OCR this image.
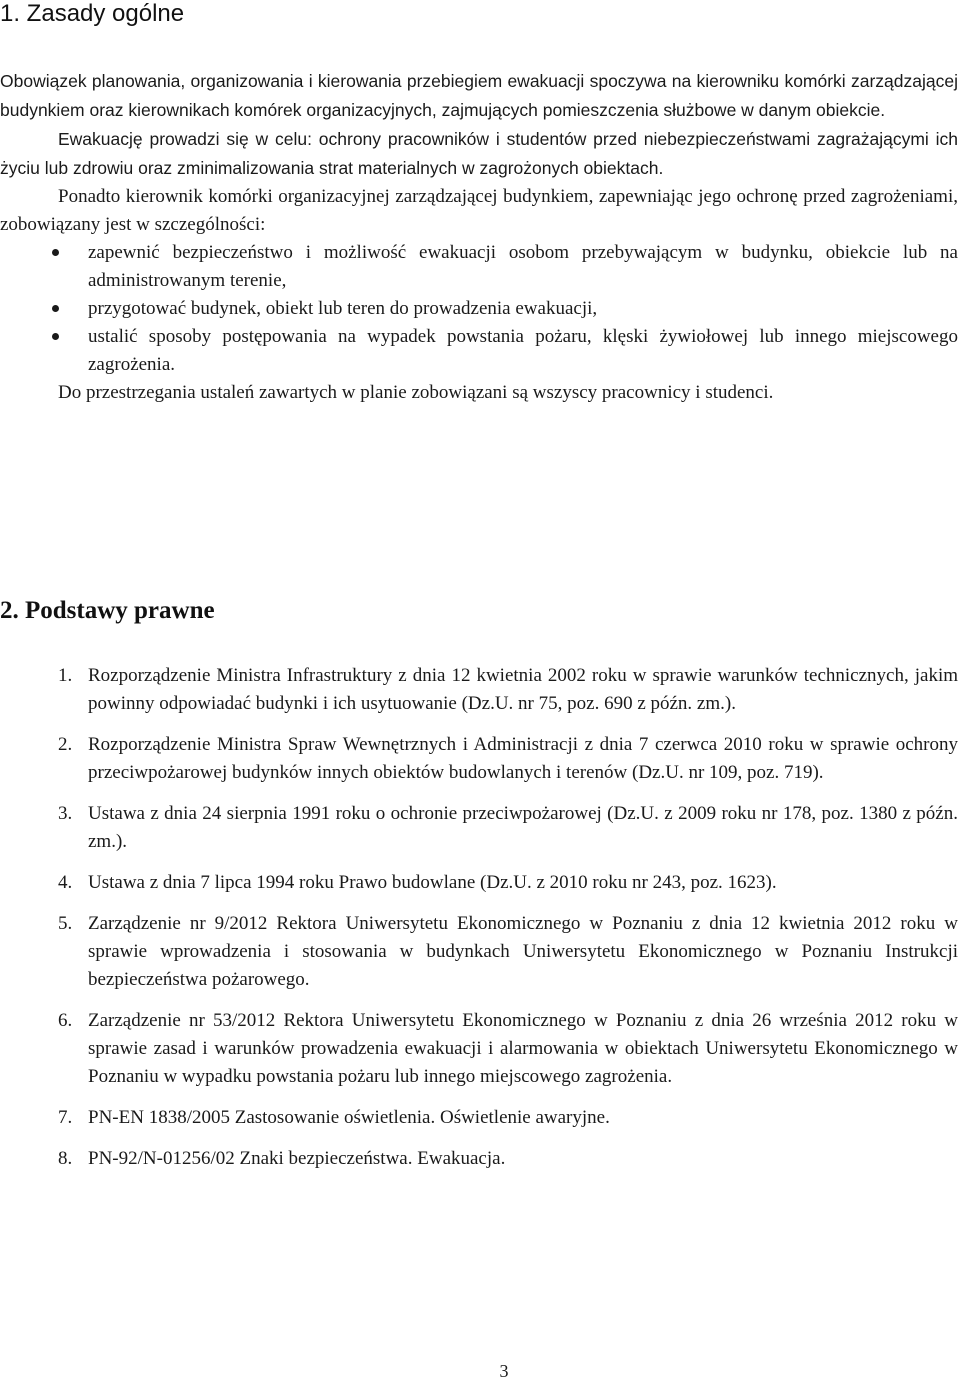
1. Zasady ogólne

Obowiązek planowania, organizowania i kierowania przebiegiem ewakuacji spoczywa na kierowniku komórki zarządzającej budynkiem oraz kierownikach komórek organizacyjnych, zajmujących pomieszczenia służbowe w danym obiekcie.

Ewakuację prowadzi się w celu: ochrony pracowników i studentów przed niebezpieczeństwami zagrażającymi ich życiu lub zdrowiu oraz zminimalizowania strat materialnych w zagrożonych obiektach.

Ponadto kierownik komórki organizacyjnej zarządzającej budynkiem, zapewniając jego ochronę przed zagrożeniami, zobowiązany jest w szczególności:

zapewnić bezpieczeństwo i możliwość ewakuacji osobom przebywającym w budynku, obiekcie lub na administrowanym terenie,
przygotować budynek, obiekt lub teren do prowadzenia ewakuacji,
ustalić sposoby postępowania na wypadek powstania pożaru, klęski żywiołowej lub innego miejscowego zagrożenia.

Do przestrzegania ustaleń zawartych w planie zobowiązani są wszyscy pracownicy i studenci.

2. Podstawy prawne
1. Rozporządzenie Ministra Infrastruktury z dnia 12 kwietnia 2002 roku w sprawie warunków technicznych, jakim powinny odpowiadać budynki i ich usytuowanie (Dz.U. nr 75, poz. 690 z późn. zm.).
2. Rozporządzenie Ministra Spraw Wewnętrznych i Administracji z dnia 7 czerwca 2010 roku w sprawie ochrony przeciwpożarowej budynków innych obiektów budowlanych i terenów (Dz.U. nr 109, poz. 719).
3. Ustawa z dnia 24 sierpnia 1991 roku o ochronie przeciwpożarowej (Dz.U. z 2009 roku nr 178, poz. 1380 z późn. zm.).
4. Ustawa z dnia 7 lipca 1994 roku Prawo budowlane (Dz.U. z 2010 roku nr 243, poz. 1623).
5. Zarządzenie nr 9/2012 Rektora Uniwersytetu Ekonomicznego w Poznaniu z dnia 12 kwietnia 2012 roku w sprawie wprowadzenia i stosowania w budynkach Uniwersytetu Ekonomicznego w Poznaniu Instrukcji bezpieczeństwa pożarowego.
6. Zarządzenie nr 53/2012 Rektora Uniwersytetu Ekonomicznego w Poznaniu z dnia 26 września 2012 roku w sprawie zasad i warunków prowadzenia ewakuacji i alarmowania w obiektach Uniwersytetu Ekonomicznego w Poznaniu w wypadku powstania pożaru lub innego miejscowego zagrożenia.
7. PN-EN 1838/2005 Zastosowanie oświetlenia. Oświetlenie awaryjne.
8. PN-92/N-01256/02 Znaki bezpieczeństwa. Ewakuacja.
3
